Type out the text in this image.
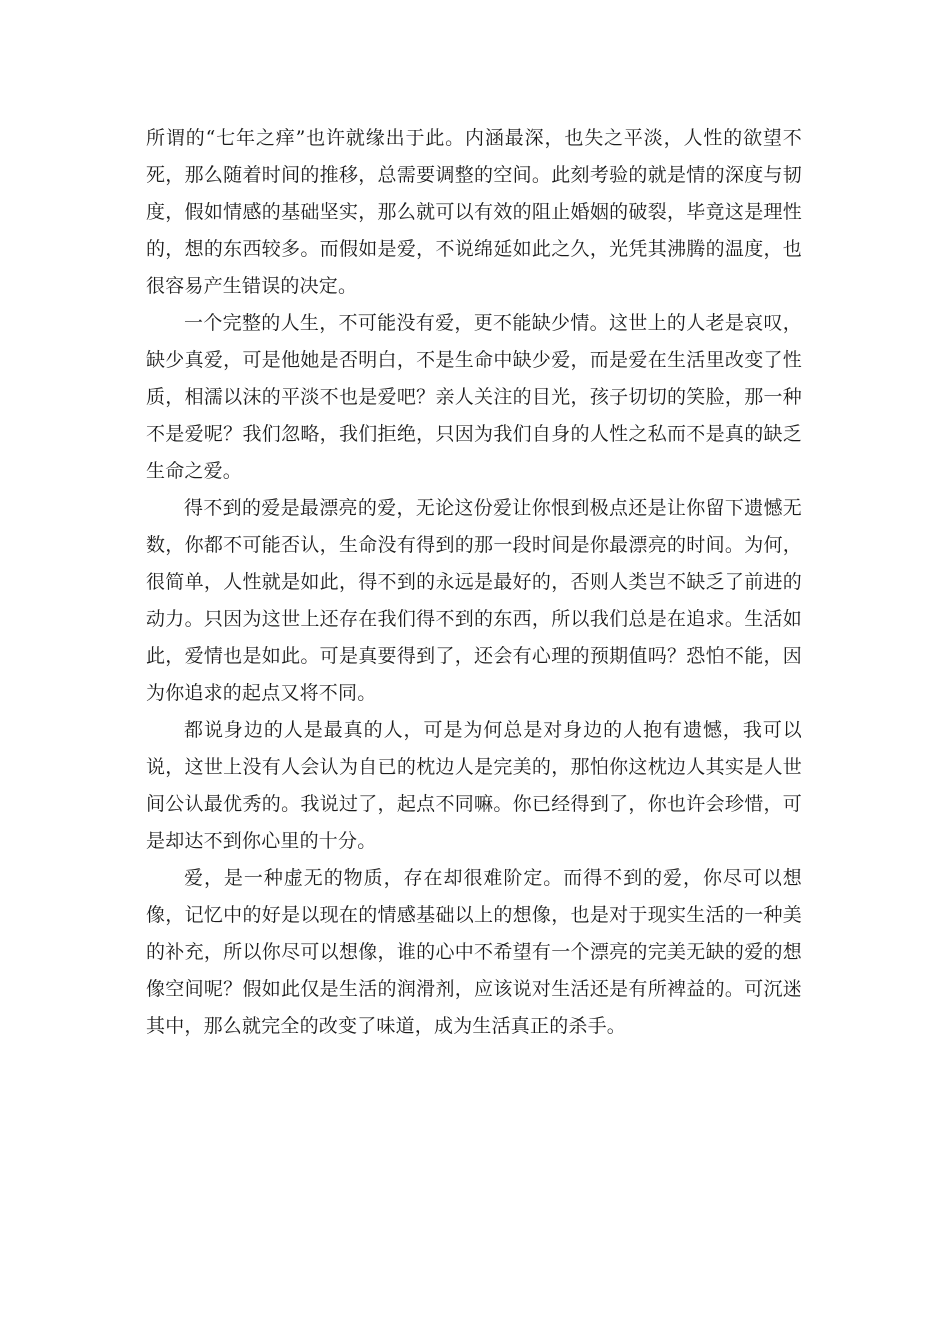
所谓的“七年之痒”也许就缘出于此。内涵最深，也失之平淡，人性的欲望不死，那么随着时间的推移，总需要调整的空间。此刻考验的就是情的深度与韧度，假如情感的基础坚实，那么就可以有效的阻止婚姻的破裂，毕竟这是理性的，想的东西较多。而假如是爱，不说绵延如此之久，光凭其沸腾的温度，也很容易产生错误的决定。

一个完整的人生，不可能没有爱，更不能缺少情。这世上的人老是哀叹，缺少真爱，可是他她是否明白，不是生命中缺少爱，而是爱在生活里改变了性质，相濡以沫的平淡不也是爱吧？亲人关注的目光，孩子切切的笑脸，那一种不是爱呢？我们忽略，我们拒绝，只因为我们自身的人性之私而不是真的缺乏生命之爱。

得不到的爱是最漂亮的爱，无论这份爱让你恨到极点还是让你留下遗憾无数，你都不可能否认，生命没有得到的那一段时间是你最漂亮的时间。为何，很简单，人性就是如此，得不到的永远是最好的，否则人类岂不缺乏了前进的动力。只因为这世上还存在我们得不到的东西，所以我们总是在追求。生活如此，爱情也是如此。可是真要得到了，还会有心理的预期值吗？恐怕不能，因为你追求的起点又将不同。

都说身边的人是最真的人，可是为何总是对身边的人抱有遗憾，我可以说，这世上没有人会认为自已的枕边人是完美的，那怕你这枕边人其实是人世间公认最优秀的。我说过了，起点不同嘛。你已经得到了，你也许会珍惜，可是却达不到你心里的十分。

爱，是一种虚无的物质，存在却很难阶定。而得不到的爱，你尽可以想像，记忆中的好是以现在的情感基础以上的想像，也是对于现实生活的一种美的补充，所以你尽可以想像，谁的心中不希望有一个漂亮的完美无缺的爱的想像空间呢？假如此仅是生活的润滑剂，应该说对生活还是有所裨益的。可沉迷其中，那么就完全的改变了味道，成为生活真正的杀手。
